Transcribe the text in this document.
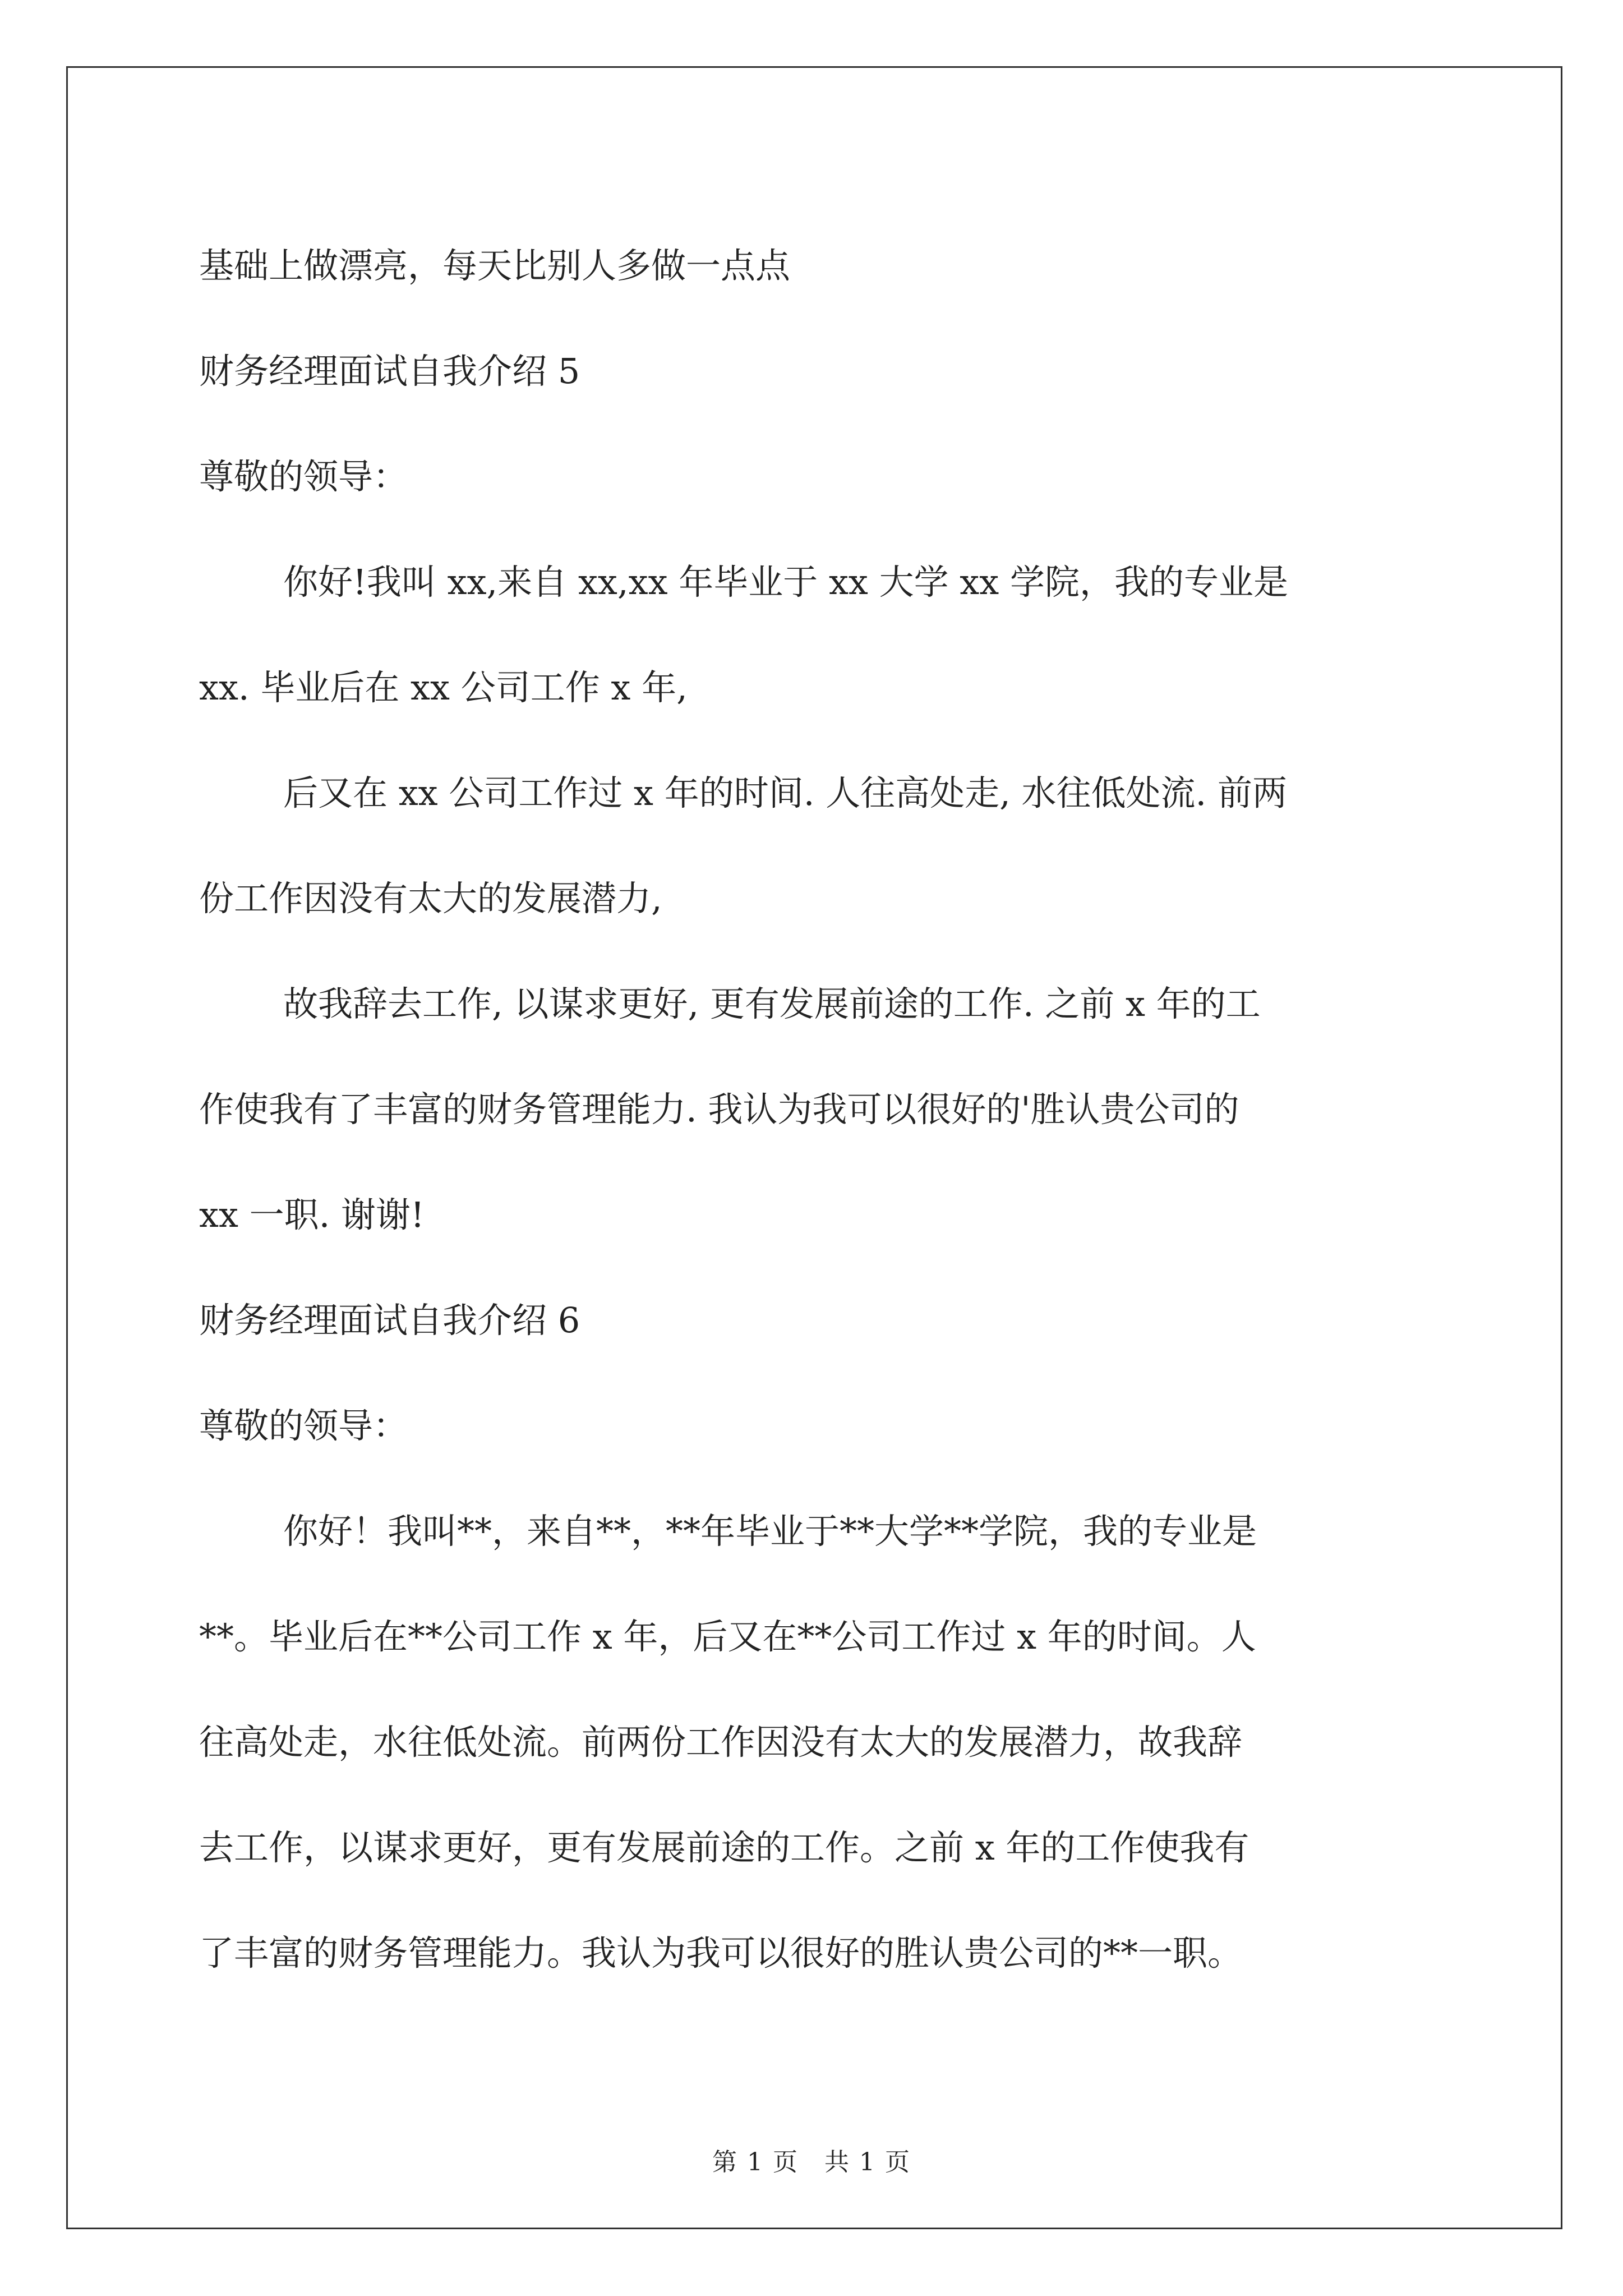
基础上做漂亮，每天比别人多做一点点
财务经理面试自我介绍 5
尊敬的领导：
你好!我叫 xx,来自 xx,xx 年毕业于 xx 大学 xx 学院，我的专业是
xx. 毕业后在 xx 公司工作 x 年,
后又在 xx 公司工作过 x 年的时间. 人往高处走, 水往低处流. 前两
份工作因没有太大的发展潜力,
故我辞去工作, 以谋求更好, 更有发展前途的工作. 之前 x 年的工
作使我有了丰富的财务管理能力. 我认为我可以很好的'胜认贵公司的
xx 一职. 谢谢!
财务经理面试自我介绍 6
尊敬的领导：
你好！我叫**，来自**，**年毕业于**大学**学院，我的专业是
**。毕业后在**公司工作 x 年，后又在**公司工作过 x 年的时间。人
往高处走，水往低处流。前两份工作因没有太大的发展潜力，故我辞
去工作，以谋求更好，更有发展前途的工作。之前 x 年的工作使我有
了丰富的财务管理能力。我认为我可以很好的胜认贵公司的**一职。
第 1 页　共 1 页
